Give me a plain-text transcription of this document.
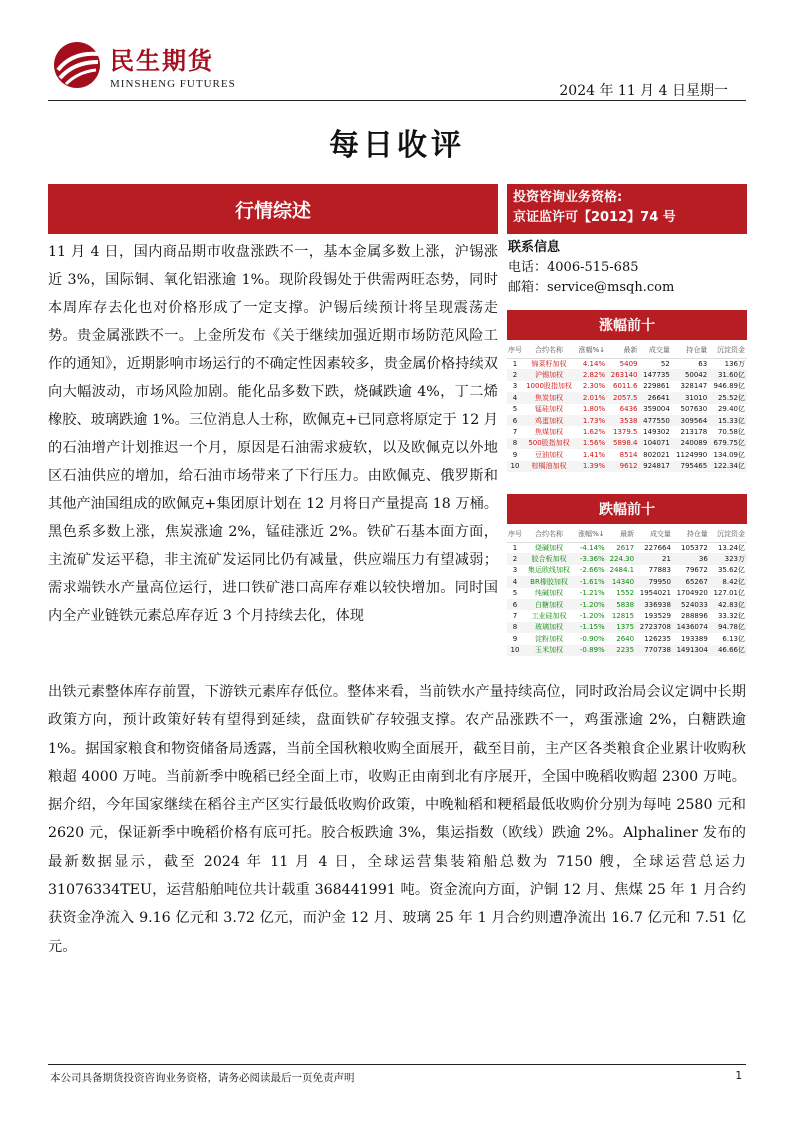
民生期货
MINSHENG FUTURES	2024 年 11 月 4 日星期一
每日收评
行情综述
11 月 4 日，国内商品期市收盘涨跌不一，基本金属多数上涨，沪锡涨近 3%，国际铜、氧化铝涨逾 1%。现阶段锡处于供需两旺态势，同时本周库存去化也对价格形成了一定支撑。沪锡后续预计将呈现震荡走势。贵金属涨跌不一。上金所发布《关于继续加强近期市场防范风险工作的通知》，近期影响市场运行的不确定性因素较多，贵金属价格持续双向大幅波动，市场风险加剧。能化品多数下跌，烧碱跌逾 4%，丁二烯橡胶、玻璃跌逾 1%。三位消息人士称，欧佩克+已同意将原定于 12 月的石油增产计划推迟一个月，原因是石油需求疲软，以及欧佩克以外地区石油供应的增加，给石油市场带来了下行压力。由欧佩克、俄罗斯和其他产油国组成的欧佩克+集团原计划在 12 月将日产量提高 18 万桶。黑色系多数上涨，焦炭涨逾 2%，锰硅涨近 2%。铁矿石基本面方面，主流矿发运平稳，非主流矿发运同比仍有减量，供应端压力有望减弱；需求端铁水产量高位运行，进口铁矿港口高库存难以较快增加。同时国内全产业链铁元素总库存近 3 个月持续去化，体现
出铁元素整体库存前置，下游铁元素库存低位。整体来看，当前铁水产量持续高位，同时政治局会议定调中长期政策方向，预计政策好转有望得到延续，盘面铁矿存较强支撑。农产品涨跌不一，鸡蛋涨逾 2%，白糖跌逾 1%。据国家粮食和物资储备局透露，当前全国秋粮收购全面展开，截至目前，主产区各类粮食企业累计收购秋粮超 4000 万吨。当前新季中晚稻已经全面上市，收购正由南到北有序展开，全国中晚稻收购超 2300 万吨。据介绍，今年国家继续在稻谷主产区实行最低收购价政策，中晚籼稻和粳稻最低收购价分别为每吨 2580 元和 2620 元，保证新季中晚稻价格有底可托。胶合板跌逾 3%，集运指数（欧线）跌逾 2%。Alphaliner 发布的最新数据显示，截至 2024 年 11 月 4 日，全球运营集装箱船总数为 7150 艘，全球运营总运力 31076334TEU，运营船舶吨位共计载重 368441991 吨。资金流向方面，沪铜 12 月、焦煤 25 年 1 月合约获资金净流入 9.16 亿元和 3.72 亿元，而沪金 12 月、玻璃 25 年 1 月合约则遭净流出 16.7 亿元和 7.51 亿元。
投资咨询业务资格:
京证监许可【2012】74 号
联系信息
电话：4006-515-685
邮箱：service@msqh.com
涨幅前十
序号	合约名称	涨幅%↓	最新	成交量	持仓量	沉淀资金
1	锦菜籽加权	4.14%	5409	52	63	136万
2	沪锡加权	2.82%	263140	147735	50042	31.60亿
3	1000股指加权	2.30%	6011.6	229861	328147	946.89亿
4	焦炭加权	2.01%	2057.5	26641	31010	25.52亿
5	锰硅加权	1.80%	6436	359004	507630	29.40亿
6	鸡蛋加权	1.73%	3538	477550	309564	15.33亿
7	焦煤加权	1.62%	1379.5	149302	213178	70.58亿
8	500股指加权	1.56%	5898.4	104071	240089	679.75亿
9	豆油加权	1.41%	8514	802021	1124990	134.09亿
10	棕榈油加权	1.39%	9612	924817	795465	122.34亿
跌幅前十
序号	合约名称	涨幅%↓	最新	成交量	持仓量	沉淀资金
1	烧碱加权	-4.14%	2617	227664	105372	13.24亿
2	胶合板加权	-3.36%	224.30	21	36	323万
3	集运欧线加权	-2.66%	2484.1	77883	79672	35.62亿
4	BR橡胶加权	-1.61%	14340	79950	65267	8.42亿
5	纯碱加权	-1.21%	1552	1954021	1704920	127.01亿
6	白糖加权	-1.20%	5838	336938	524033	42.83亿
7	工业硅加权	-1.20%	12815	193529	288896	33.32亿
8	玻璃加权	-1.15%	1375	2723708	1436074	94.78亿
9	淀粉加权	-0.90%	2640	126235	193389	6.13亿
10	玉米加权	-0.89%	2235	770738	1491304	46.66亿
本公司具备期货投资咨询业务资格，请务必阅读最后一页免责声明	1
